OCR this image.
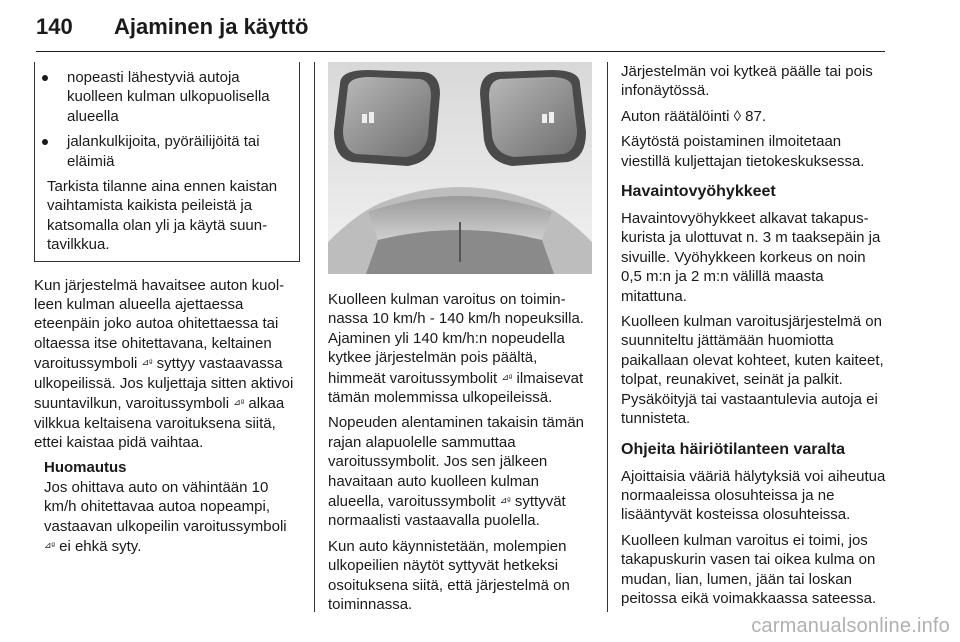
140 Ajaminen ja käyttö
nopeasti lähestyviä autoja kuolleen kulman ulkopuolisella alueella
jalankulkijoita, pyöräilijöitä tai eläimiä
Tarkista tilanne aina ennen kaistan vaihtamista kaikista peileistä ja katsomalla olan yli ja käytä suuntavilkkua.

Kun järjestelmä havaitsee auton kuolleen kulman alueella ajettaessa eteenpäin joko autoa ohitettaessa tai oltaessa itse ohitettavana, keltainen varoitussymboli ⊿ᵍ syttyy vastaavassa ulkopeilissä. Jos kuljettaja sitten aktivoi suuntavilkun, varoitussymboli ⊿ᵍ alkaa vilkkua keltaisena varoituksena siitä, ettei kaistaa pidä vaihtaa.

Huomautus
Jos ohittava auto on vähintään 10 km/h ohitettavaa autoa nopeampi, vastaavan ulkopeilin varoitussymboli ⊿ᵍ ei ehkä syty.

Kuolleen kulman varoitus on toiminnassa 10 km/h - 140 km/h nopeuksilla. Ajaminen yli 140 km/h:n nopeudella kytkee järjestelmän pois päältä, himmeät varoitussymbolit ⊿ᵍ ilmaisevat tämän molemmissa ulkopeileissä.

Nopeuden alentaminen takaisin tämän rajan alapuolelle sammuttaa varoitussymbolit. Jos sen jälkeen havaitaan auto kuolleen kulman alueella, varoitussymbolit ⊿ᵍ syttyvät normaalisti vastaavalla puolella.

Kun auto käynnistetään, molempien ulkopeilien näytöt syttyvät hetkeksi osoituksena siitä, että järjestelmä on toiminnassa.

Järjestelmän voi kytkeä päälle tai pois infonäytössä.

Auton räätälöinti ◊ 87.

Käytöstä poistaminen ilmoitetaan viestillä kuljettajan tietokeskuksessa.

Havaintovyöhykkeet

Havaintovyöhykkeet alkavat takapuskurista ja ulottuvat n. 3 m taaksepäin ja sivuille. Vyöhykkeen korkeus on noin 0,5 m:n ja 2 m:n välillä maasta mitattuna.

Kuolleen kulman varoitusjärjestelmä on suunniteltu jättämään huomiotta paikallaan olevat kohteet, kuten kaiteet, tolpat, reunakivet, seinät ja palkit. Pysäköityjä tai vastaantulevia autoja ei tunnisteta.

Ohjeita häiriötilanteen varalta

Ajoittaisia vääriä hälytyksiä voi aiheutua normaaleissa olosuhteissa ja ne lisääntyvät kosteissa olosuhteissa.

Kuolleen kulman varoitus ei toimi, jos takapuskurin vasen tai oikea kulma on mudan, lian, lumen, jään tai loskan peitossa eikä voimakkaassa sateessa.

carmanualsonline.info
